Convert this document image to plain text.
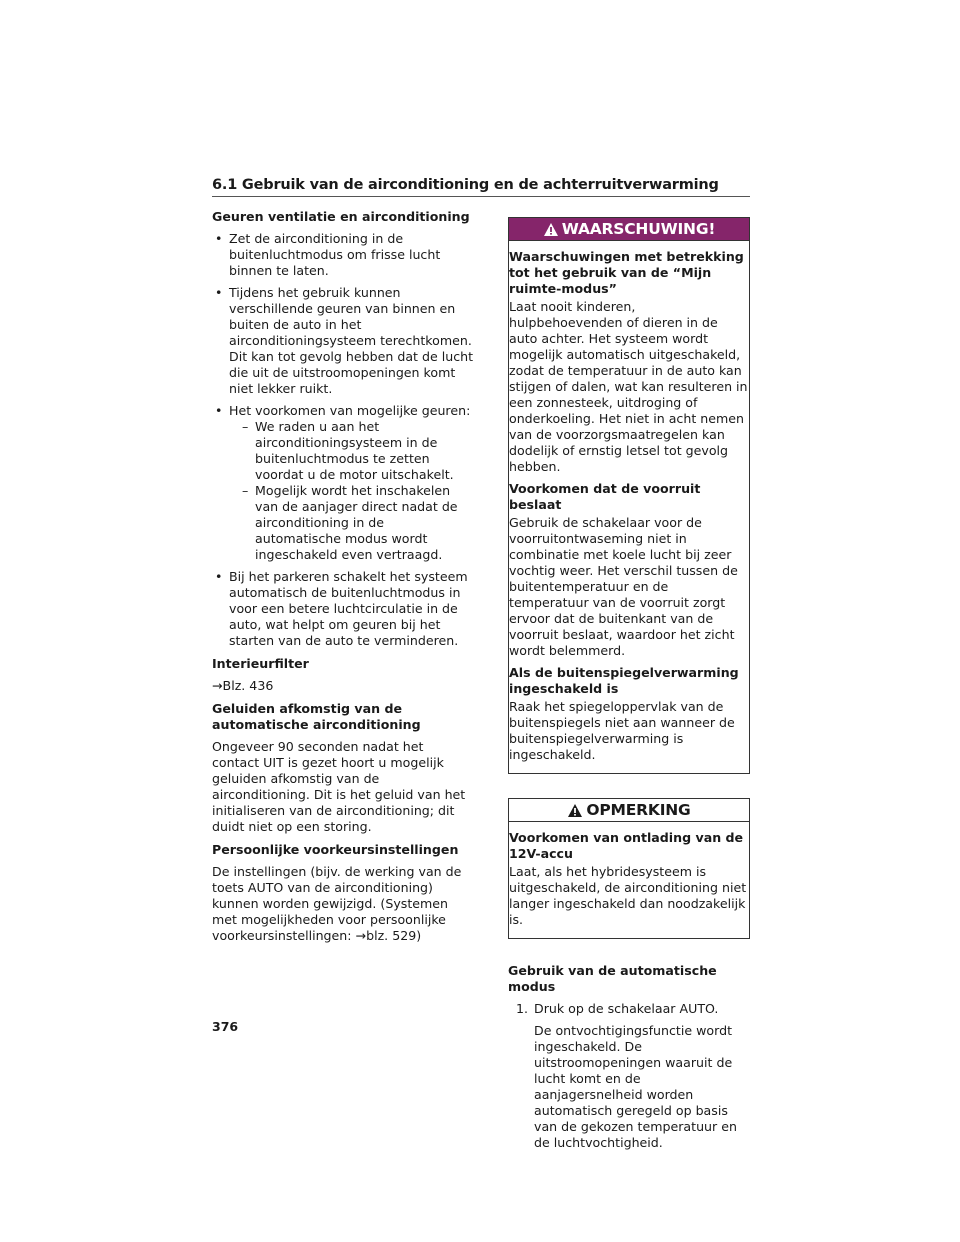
6.1 Gebruik van de airconditioning en de achterruitverwarming
Geuren ventilatie en airconditioning
• Zet de airconditioning in de buitenluchtmodus om frisse lucht binnen te laten.
• Tijdens het gebruik kunnen verschillende geuren van binnen en buiten de auto in het airconditioningsysteem terechtkomen. Dit kan tot gevolg hebben dat de lucht die uit de uitstroomopeningen komt niet lekker ruikt.
• Het voorkomen van mogelijke geuren:
– We raden u aan het airconditioningsysteem in de buitenluchtmodus te zetten voordat u de motor uitschakelt.
– Mogelijk wordt het inschakelen van de aanjager direct nadat de airconditioning in de automatische modus wordt ingeschakeld even vertraagd.
• Bij het parkeren schakelt het systeem automatisch de buitenluchtmodus in voor een betere luchtcirculatie in de auto, wat helpt om geuren bij het starten van de auto te verminderen.
Interieurfilter

→Blz. 436

Geluiden afkomstig van de automatische airconditioning

Ongeveer 90 seconden nadat het contact UIT is gezet hoort u mogelijk geluiden afkomstig van de airconditioning. Dit is het geluid van het initialiseren van de airconditioning; dit duidt niet op een storing.

Persoonlijke voorkeursinstellingen

De instellingen (bijv. de werking van de toets AUTO van de airconditioning) kunnen worden gewijzigd. (Systemen met mogelijkheden voor persoonlijke voorkeursinstellingen: →blz. 529)

WAARSCHUWING!
Waarschuwingen met betrekking tot het gebruik van de “Mijn ruimte-modus”

Laat nooit kinderen, hulpbehoevenden of dieren in de auto achter. Het systeem wordt mogelijk automatisch uitgeschakeld, zodat de temperatuur in de auto kan stijgen of dalen, wat kan resulteren in een zonnesteek, uitdroging of onderkoeling. Het niet in acht nemen van de voorzorgsmaatregelen kan dodelijk of ernstig letsel tot gevolg hebben.

Voorkomen dat de voorruit beslaat

Gebruik de schakelaar voor de voorruitontwaseming niet in combinatie met koele lucht bij zeer vochtig weer. Het verschil tussen de buitentemperatuur en de temperatuur van de voorruit zorgt ervoor dat de buitenkant van de voorruit beslaat, waardoor het zicht wordt belemmerd.

Als de buitenspiegelverwarming ingeschakeld is

Raak het spiegeloppervlak van de buitenspiegels niet aan wanneer de buitenspiegelverwarming is ingeschakeld.

OPMERKING
Voorkomen van ontlading van de 12V-accu

Laat, als het hybridesysteem is uitgeschakeld, de airconditioning niet langer ingeschakeld dan noodzakelijk is.

Gebruik van de automatische modus
1. Druk op de schakelaar AUTO.
De ontvochtigingsfunctie wordt ingeschakeld. De uitstroomopeningen waaruit de lucht komt en de aanjagersnelheid worden automatisch geregeld op basis van de gekozen temperatuur en de luchtvochtigheid.
376
